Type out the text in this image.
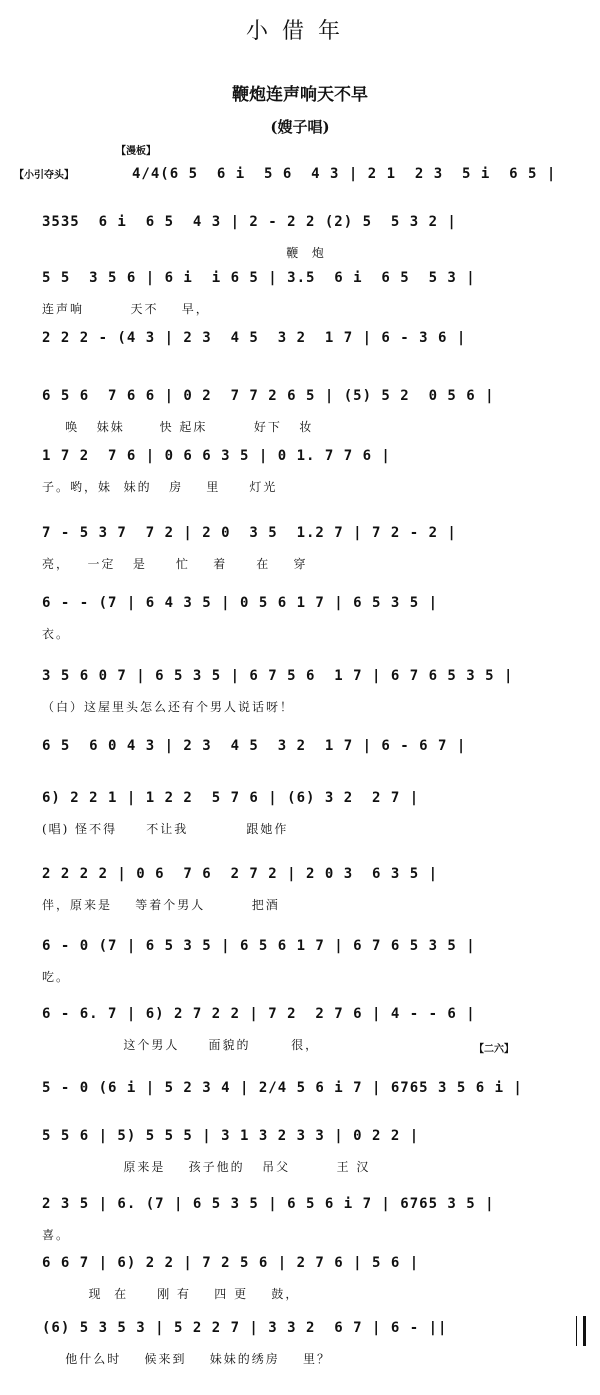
小借年
鞭炮连声响天不早
(嫂子唱)
【漫板】
【小引夺头】	4/4(6 5  6 i  5 6  4 3 | 2 1  2 3  5 i  6 5 |
3535  6 i  6 5  4 3 | 2 - 2 2 (2) 5  5 3 2 |
鞭  炮
5 5  3 5 6 | 6 i  i 6 5 | 3.5  6 i  6 5  5 3 |
连声响        天不    早，
2 2 2 - (4 3 | 2 3  4 5  3 2  1 7 | 6 - 3 6 |
6 5 6  7 6 6 | 0 2  7 7 2 6 5 | (5) 5 2  0 5 6 |
唤   妹妹      快 起床        好下   妆
1 7 2  7 6 | 0 6 6 3 5 | 0 1. 7 7 6 |
子。哟，妹  妹的   房    里     灯光
7 - 5 3 7  7 2 | 2 0  3 5  1.2 7 | 7 2 - 2 |
亮，   一定   是     忙    着     在    穿
6 - - (7 | 6 4 3 5 | 0 5 6 1 7 | 6 5 3 5 |
衣。
3 5 6 0 7 | 6 5 3 5 | 6 7 5 6  1 7 | 6 7 6 5 3 5 |
（白）这屋里头怎么还有个男人说话呀！
6 5  6 0 4 3 | 2 3  4 5  3 2  1 7 | 6 - 6 7 |
6) 2 2 1 | 1 2 2  5 7 6 | (6) 3 2  2 7 |
(唱) 怪不得     不让我          跟她作
2 2 2 2 | 0 6  7 6  2 7 2 | 2 0 3  6 3 5 |
伴，原来是    等着个男人        把酒
6 - 0 (7 | 6 5 3 5 | 6 5 6 1 7 | 6 7 6 5 3 5 |
吃。
6 - 6. 7 | 6) 2 7 2 2 | 7 2  2 7 6 | 4 - - 6 |
这个男人     面貌的       很，
5 - 0 (6 i | 5 2 3 4 | 2/4 5 6 i 7 | 6765 3 5 6 i |
【二六】
5 5 6 | 5) 5 5 5 | 3 1 3 2 3 3 | 0 2 2 |
原来是    孩子他的   吊父        王 汉
2 3 5 | 6. (7 | 6 5 3 5 | 6 5 6 i 7 | 6765 3 5 |
喜。
6 6 7 | 6) 2 2 | 7 2 5 6 | 2 7 6 | 5 6 |
现  在     刚 有    四 更    鼓，
(6) 5 3 5 3 | 5 2 2 7 | 3 3 2  6 7 | 6 - ||
他什么时    候来到    妹妹的绣房    里？
